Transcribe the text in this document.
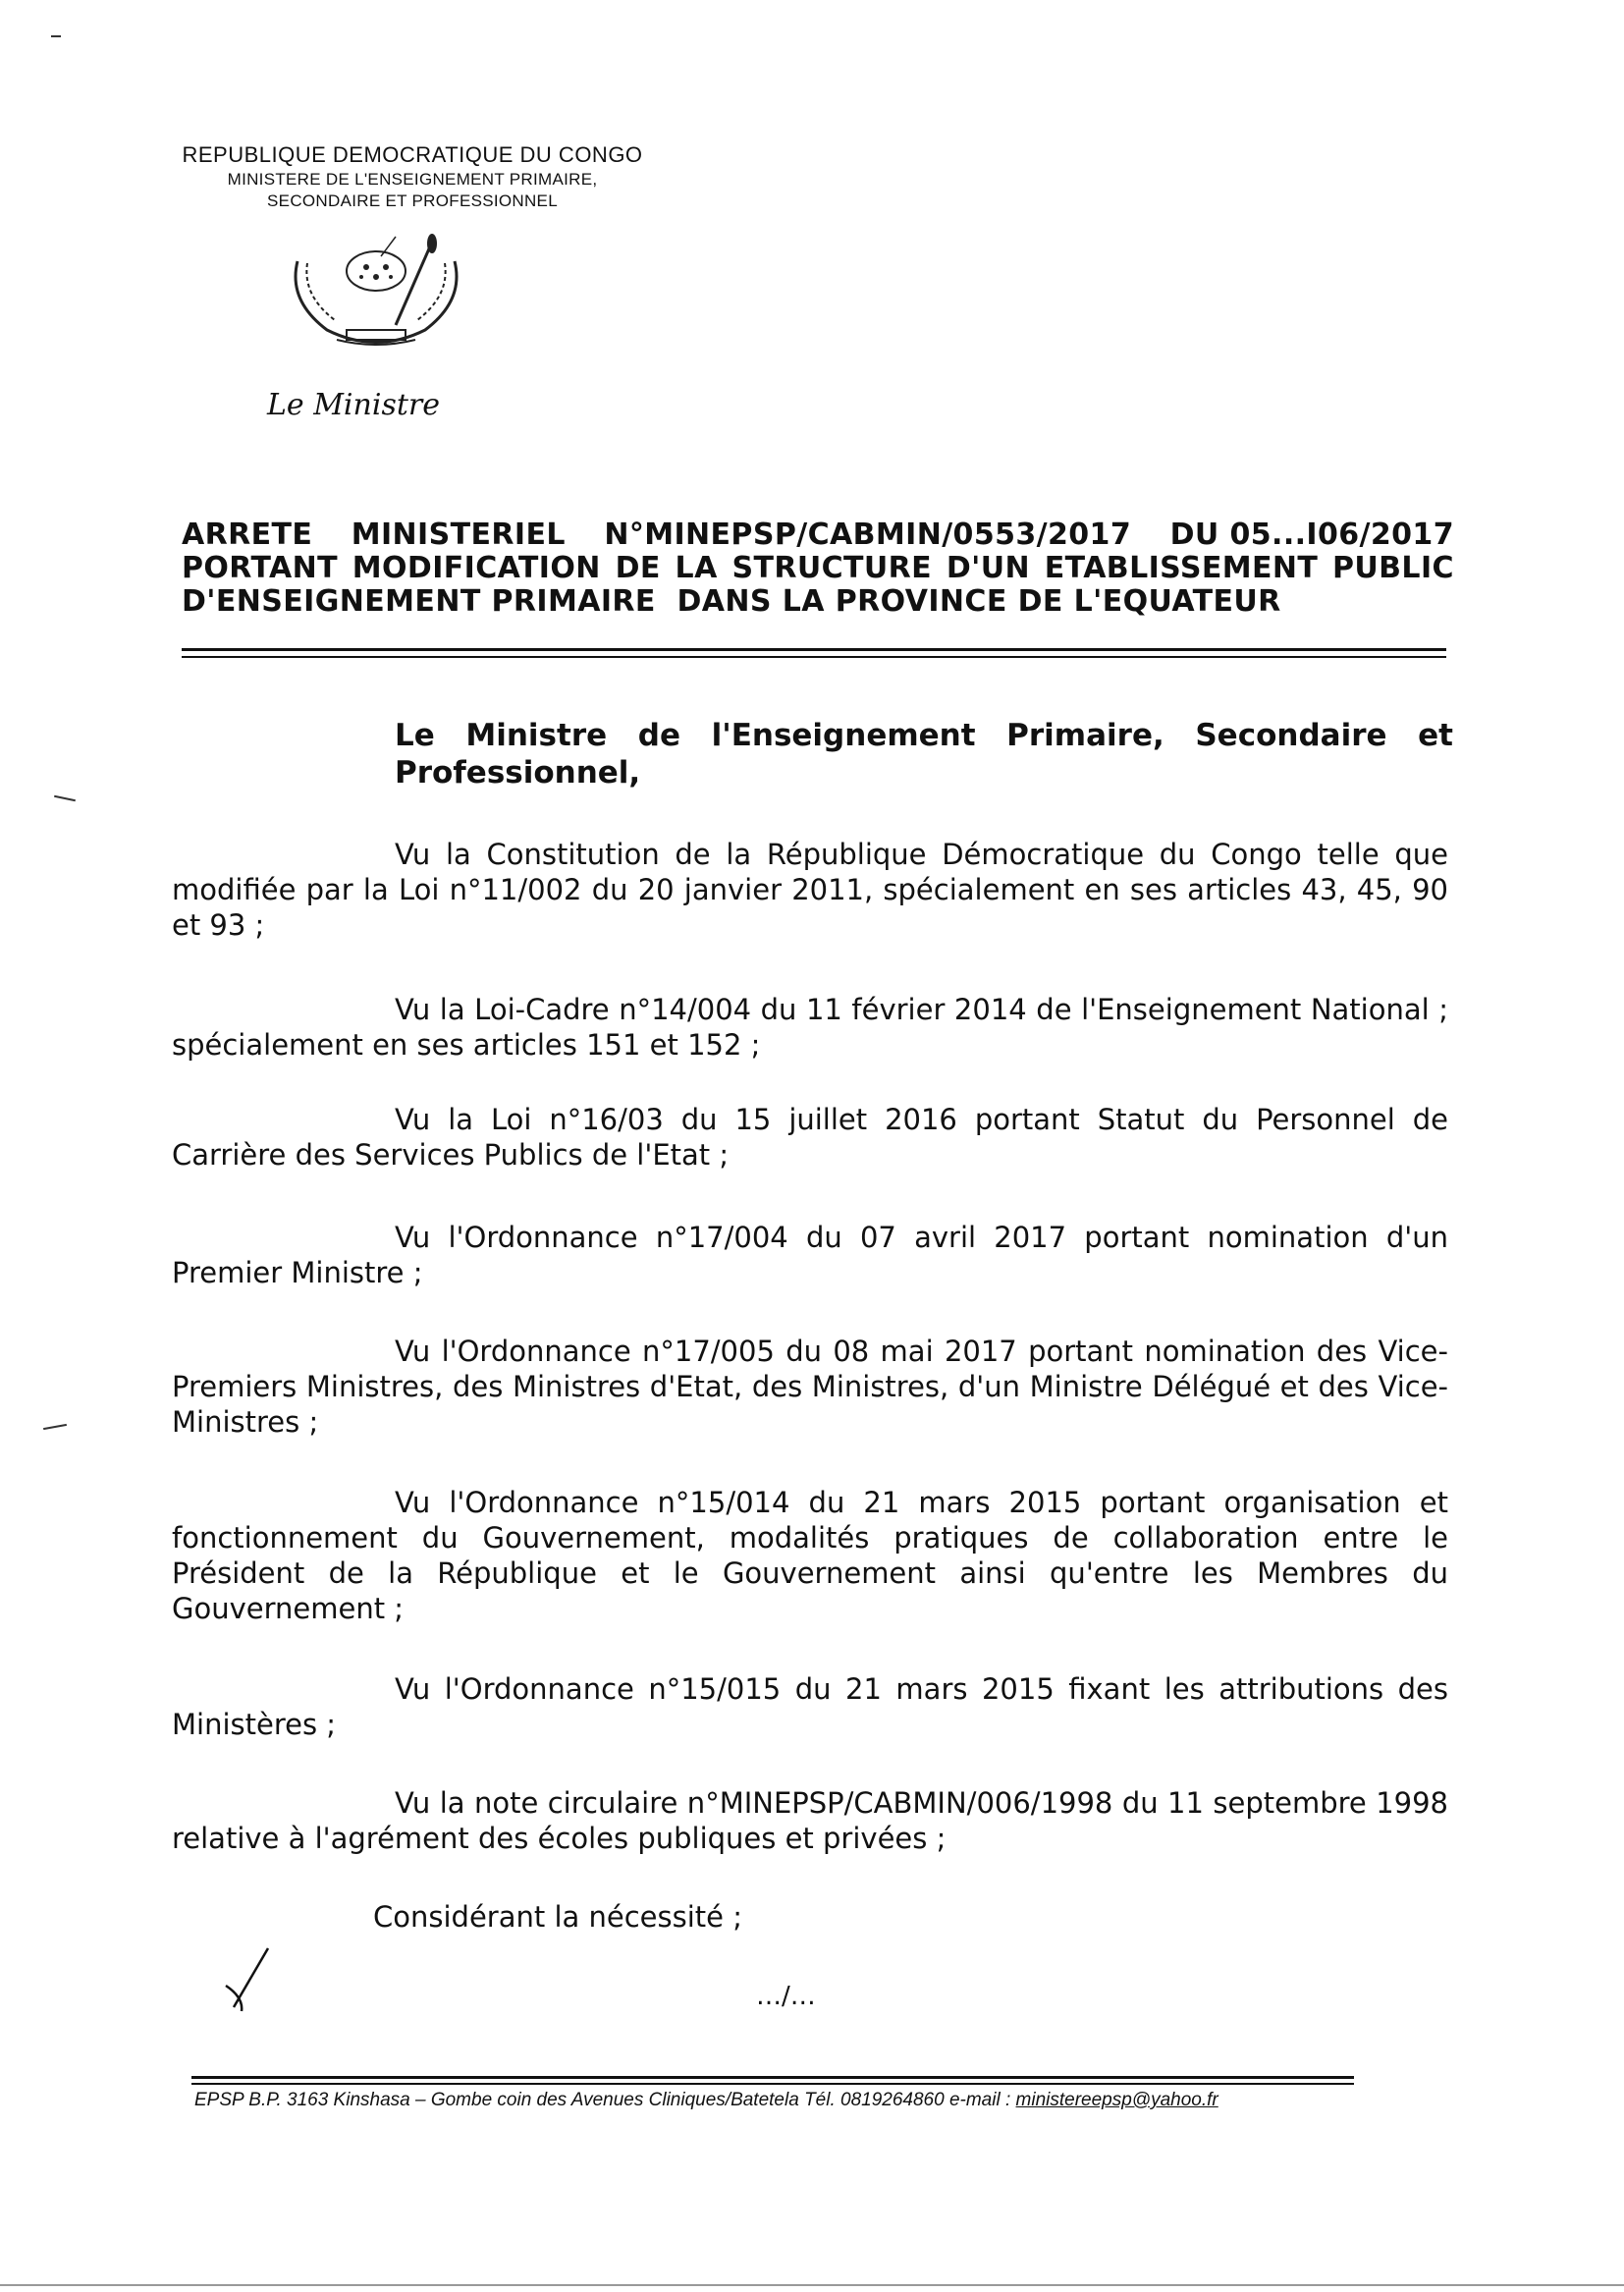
REPUBLIQUE DEMOCRATIQUE DU CONGO
MINISTERE DE L'ENSEIGNEMENT PRIMAIRE,
SECONDAIRE ET PROFESSIONNEL
Le Ministre
ARRETE MINISTERIEL N°MINEPSP/CABMIN/0553/2017 DU 05...I06/2017
PORTANT MODIFICATION DE LA STRUCTURE D'UN ETABLISSEMENT PUBLIC
D'ENSEIGNEMENT PRIMAIRE  DANS LA PROVINCE DE L'EQUATEUR
Le Ministre de l'Enseignement Primaire, Secondaire et
Professionnel,

Vu la Constitution de la République Démocratique du Congo telle que modifiée par la Loi n°11/002 du 20 janvier 2011, spécialement en ses articles 43, 45, 90 et 93 ;

Vu la Loi-Cadre n°14/004 du 11 février 2014 de l'Enseignement National ; spécialement en ses articles 151 et 152 ;

Vu la Loi n°16/03 du 15 juillet 2016 portant Statut du Personnel de Carrière des Services Publics de l'Etat ;

Vu l'Ordonnance n°17/004 du 07 avril 2017 portant nomination d'un Premier Ministre ;

Vu l'Ordonnance n°17/005 du 08 mai 2017 portant nomination des Vice-Premiers Ministres, des Ministres d'Etat, des Ministres, d'un Ministre Délégué et des Vice-Ministres ;

Vu l'Ordonnance n°15/014 du 21 mars 2015 portant organisation et fonctionnement du Gouvernement, modalités pratiques de collaboration entre le Président de la République et le Gouvernement ainsi qu'entre les Membres du Gouvernement ;

Vu l'Ordonnance n°15/015 du 21 mars 2015 fixant les attributions des Ministères ;

Vu la note circulaire n°MINEPSP/CABMIN/006/1998 du 11 septembre 1998 relative à l'agrément des écoles publiques et privées ;

Considérant la nécessité ;
…/…
EPSP B.P. 3163 Kinshasa – Gombe coin des Avenues Cliniques/Batetela Tél. 0819264860 e-mail : ministereepsp@yahoo.fr
